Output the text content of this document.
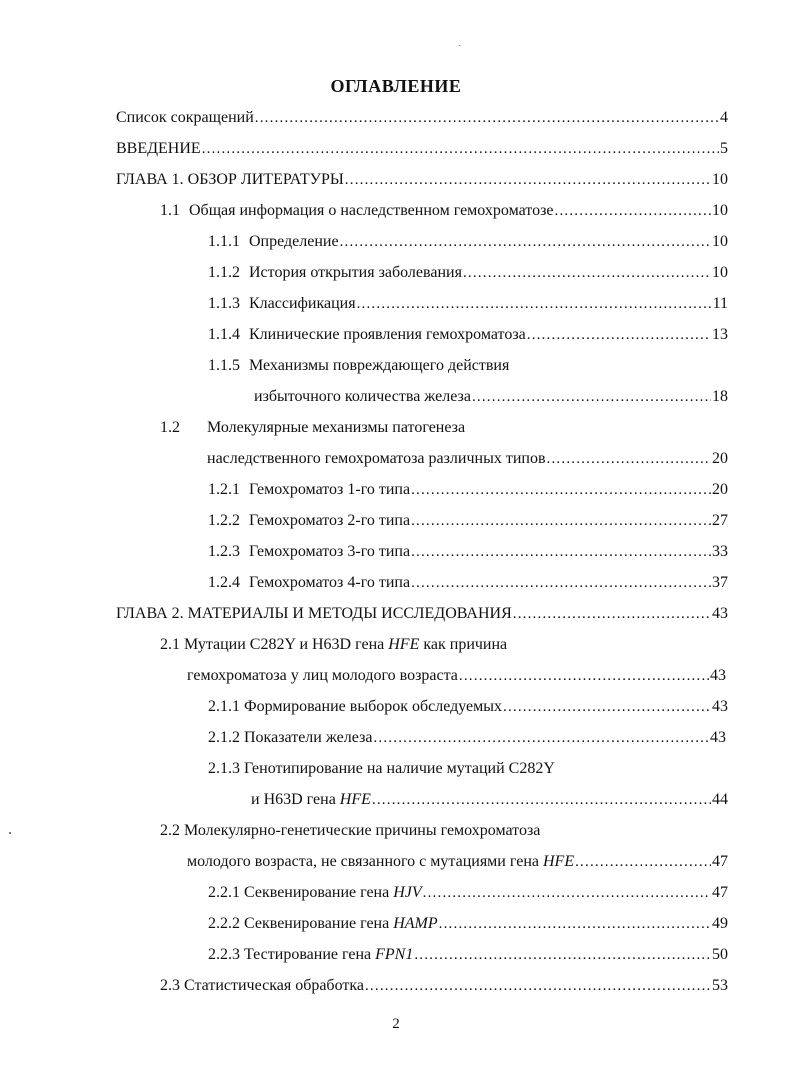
ˏ
ОГЛАВЛЕНИЕ
Список сокращений .....	4
ВВЕДЕНИЕ .....	5
ГЛАВА 1. ОБЗОР ЛИТЕРАТУРЫ .....	10
1.1 Общая информация о наследственном гемохроматозе .....	10
1.1.1 Определение .....	10
1.1.2 История открытия заболевания .....	10
1.1.3 Классификация .....	11
1.1.4 Клинические проявления гемохроматоза .....	13
1.1.5 Механизмы повреждающего действия
избыточного количества железа .....	18
1.2	Молекулярные механизмы патогенеза
наследственного гемохроматоза различных типов .....	20
1.2.1 Гемохроматоз 1-го типа .....	20
1.2.2 Гемохроматоз 2-го типа .....	27
1.2.3 Гемохроматоз 3-го типа .....	33
1.2.4 Гемохроматоз 4-го типа .....	37
ГЛАВА 2. МАТЕРИАЛЫ И МЕТОДЫ ИССЛЕДОВАНИЯ .....	43
2.1 Мутации C282Y и H63D гена HFE как причина
гемохроматоза у лиц молодого возраста .....	43
2.1.1 Формирование выборок обследуемых .....	43
2.1.2 Показатели железа .....	43
2.1.3 Генотипирование на наличие мутаций C282Y
и H63D гена HFE .....	44
2.2 Молекулярно-генетические причины гемохроматоза
молодого возраста, не связанного с мутациями гена HFE .....	47
2.2.1 Секвенирование гена HJV .....	47
2.2.2 Секвенирование гена HAMP .....	49
2.2.3 Тестирование гена FPN1 .....	50
2.3 Статистическая обработка .....	53
2
